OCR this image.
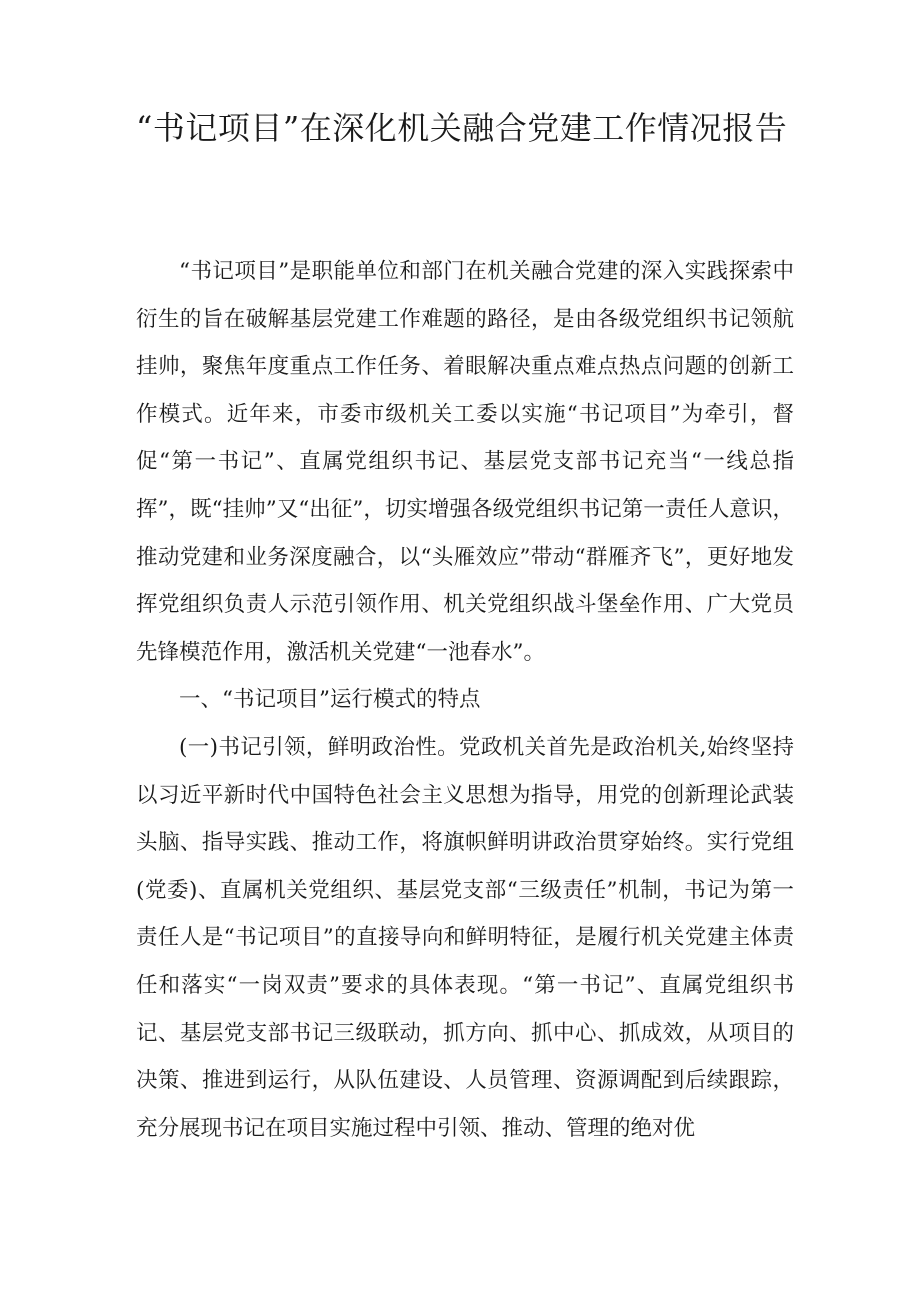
“书记项目”在深化机关融合党建工作情况报告

“书记项目”是职能单位和部门在机关融合党建的深入实践探索中衍生的旨在破解基层党建工作难题的路径，是由各级党组织书记领航挂帅，聚焦年度重点工作任务、着眼解决重点难点热点问题的创新工作模式。近年来，市委市级机关工委以实施“书记项目”为牵引，督促“第一书记”、直属党组织书记、基层党支部书记充当“一线总指挥”，既“挂帅”又“出征”，切实增强各级党组织书记第一责任人意识，推动党建和业务深度融合，以“头雁效应”带动“群雁齐飞”，更好地发挥党组织负责人示范引领作用、机关党组织战斗堡垒作用、广大党员先锋模范作用，激活机关党建“一池春水”。

一、“书记项目”运行模式的特点

(一)书记引领，鲜明政治性。党政机关首先是政治机关,始终坚持以习近平新时代中国特色社会主义思想为指导，用党的创新理论武装头脑、指导实践、推动工作，将旗帜鲜明讲政治贯穿始终。实行党组(党委)、直属机关党组织、基层党支部“三级责任”机制，书记为第一责任人是“书记项目”的直接导向和鲜明特征，是履行机关党建主体责任和落实“一岗双责”要求的具体表现。“第一书记”、直属党组织书记、基层党支部书记三级联动，抓方向、抓中心、抓成效，从项目的决策、推进到运行，从队伍建设、人员管理、资源调配到后续跟踪，充分展现书记在项目实施过程中引领、推动、管理的绝对优
